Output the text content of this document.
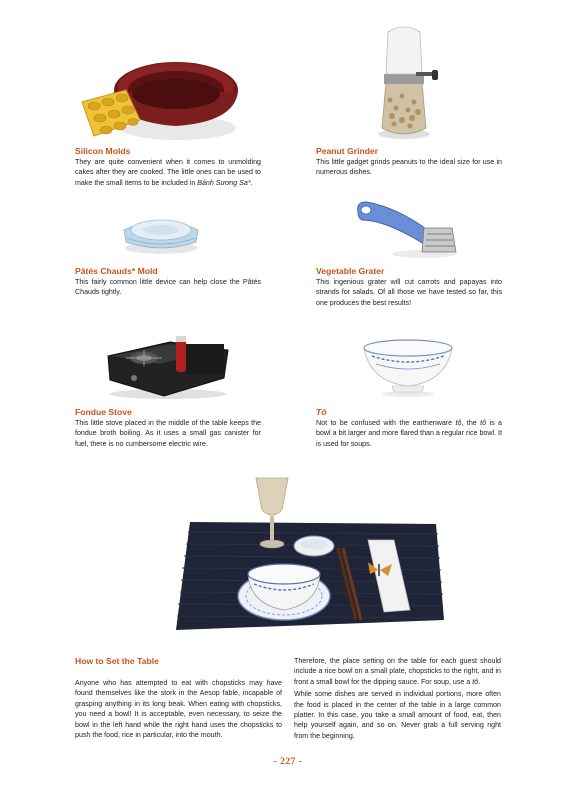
Silicon Molds

They are quite convenient when it comes to unmolding cakes after they are cooked. The little ones can be used to make the small items to be included in Bánh Sương Sa*.

Peanut Grinder

This little gadget grinds peanuts to the ideal size for use in numerous dishes.

Pâtés Chauds* Mold

This fairly common little device can help close the Pâtés Chauds tightly.

Vegetable Grater

This ingenious grater will cut carrots and papayas into strands for salads. Of all those we have tested so far, this one produces the best results!

Fondue Stove

This little stove placed in the middle of the table keeps the fondue broth boiling. As it uses a small gas canister for fuel, there is no cumbersome electric wire.

Tô

Not to be confused with the earthenware tộ, the tô is a bowl a bit larger and more flared than a regular rice bowl. It is used for soups.

How to Set the Table

Anyone who has attempted to eat with chopsticks may have found themselves like the stork in the Aesop fable, incapable of grasping anything in its long beak. When eating with chopsticks, you need a bowl! It is acceptable, even necessary, to seize the bowl in the left hand while the right hand uses the chopsticks to push the food, rice in particular, into the mouth.

Therefore, the place setting on the table for each guest should include a rice bowl on a small plate, chopsticks to the right, and in front a small bowl for the dipping sauce. For soup, use a tô.

While some dishes are served in individual portions, more often the food is placed in the center of the table in a large common platter. In this case, you take a small amount of food, eat, then help yourself again, and so on. Never grab a full serving right from the beginning.

- 227 -
